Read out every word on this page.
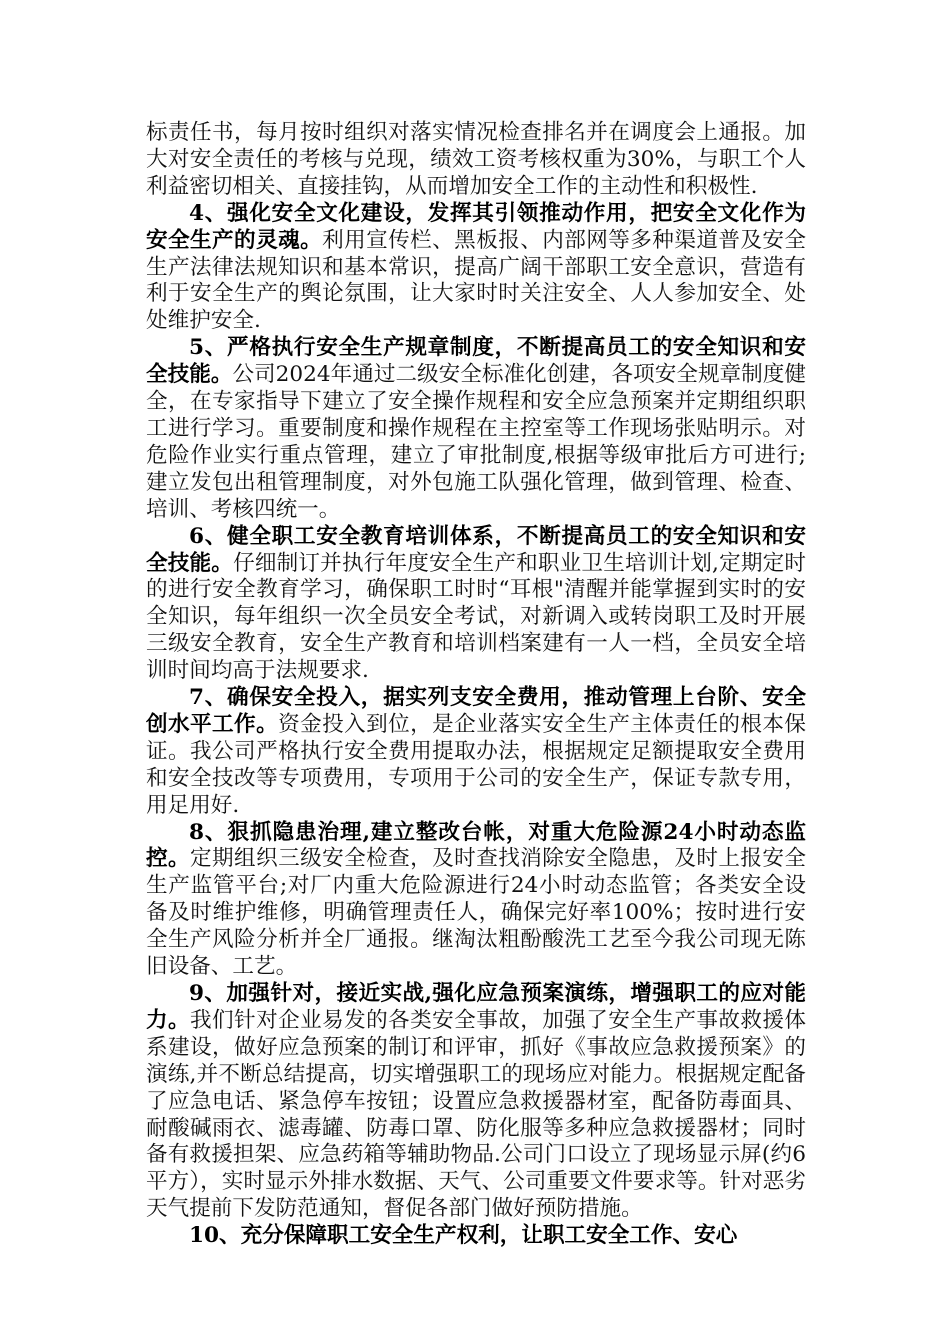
标责任书，每月按时组织对落实情况检查排名并在调度会上通报。加大对安全责任的考核与兑现，绩效工资考核权重为30%，与职工个人利益密切相关、直接挂钩，从而增加安全工作的主动性和积极性.

4、强化安全文化建设，发挥其引领推动作用，把安全文化作为安全生产的灵魂。利用宣传栏、黑板报、内部网等多种渠道普及安全生产法律法规知识和基本常识，提高广阔干部职工安全意识，营造有利于安全生产的舆论氛围，让大家时时关注安全、人人参加安全、处处维护安全.

5、严格执行安全生产规章制度，不断提高员工的安全知识和安全技能。公司2024年通过二级安全标准化创建，各项安全规章制度健全，在专家指导下建立了安全操作规程和安全应急预案并定期组织职工进行学习。重要制度和操作规程在主控室等工作现场张贴明示。对危险作业实行重点管理，建立了审批制度,根据等级审批后方可进行;建立发包出租管理制度，对外包施工队强化管理，做到管理、检查、培训、考核四统一。

6、健全职工安全教育培训体系，不断提高员工的安全知识和安全技能。仔细制订并执行年度安全生产和职业卫生培训计划,定期定时的进行安全教育学习，确保职工时时“耳根"清醒并能掌握到实时的安全知识，每年组织一次全员安全考试，对新调入或转岗职工及时开展三级安全教育，安全生产教育和培训档案建有一人一档，全员安全培训时间均高于法规要求.

7、确保安全投入，据实列支安全费用，推动管理上台阶、安全创水平工作。资金投入到位，是企业落实安全生产主体责任的根本保证。我公司严格执行安全费用提取办法，根据规定足额提取安全费用和安全技改等专项费用，专项用于公司的安全生产，保证专款专用，用足用好.

8、狠抓隐患治理,建立整改台帐，对重大危险源24小时动态监控。定期组织三级安全检查，及时查找消除安全隐患，及时上报安全生产监管平台;对厂内重大危险源进行24小时动态监管；各类安全设备及时维护维修，明确管理责任人，确保完好率100%；按时进行安全生产风险分析并全厂通报。继淘汰粗酚酸洗工艺至今我公司现无陈旧设备、工艺。

9、加强针对，接近实战,强化应急预案演练，增强职工的应对能力。我们针对企业易发的各类安全事故，加强了安全生产事故救援体系建设，做好应急预案的制订和评审，抓好《事故应急救援预案》的演练,并不断总结提高，切实增强职工的现场应对能力。根据规定配备了应急电话、紧急停车按钮；设置应急救援器材室，配备防毒面具、耐酸碱雨衣、滤毒罐、防毒口罩、防化服等多种应急救援器材；同时备有救援担架、应急药箱等辅助物品.公司门口设立了现场显示屏(约6平方），实时显示外排水数据、天气、公司重要文件要求等。针对恶劣天气提前下发防范通知，督促各部门做好预防措施。

10、充分保障职工安全生产权利，让职工安全工作、安心
